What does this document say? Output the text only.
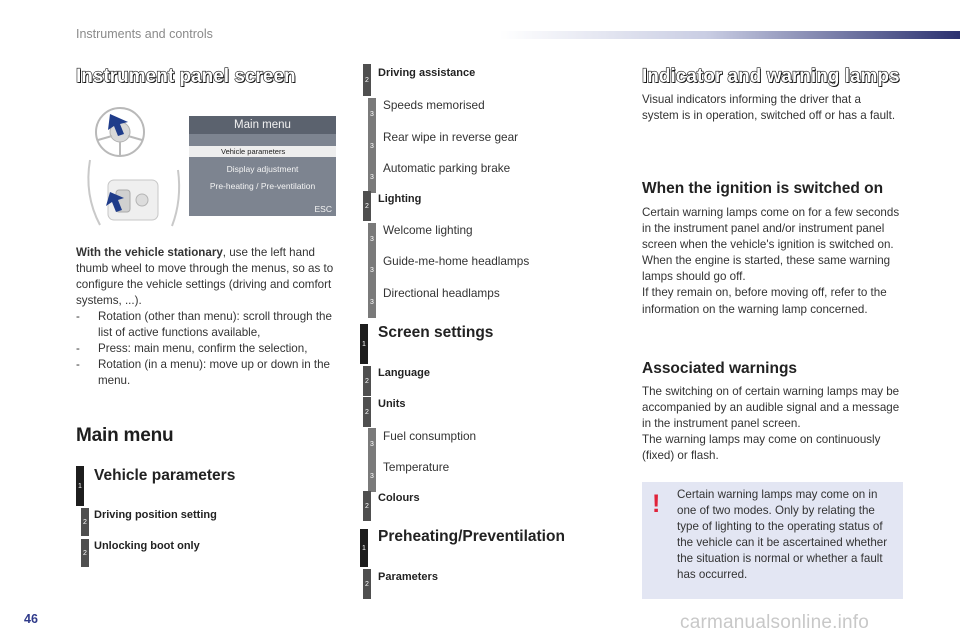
Instruments and controls
Instrument panel screen
Main menu
Vehicle parameters
Display adjustment
Pre-heating / Pre-ventilation
ESC
With the vehicle stationary, use the left hand thumb wheel to move through the menus, so as to configure the vehicle settings (driving and comfort systems, ...).
- Rotation (other than menu): scroll through the list of active functions available,
- Press: main menu, confirm the selection,
- Rotation (in a menu): move up or down in the menu.
Main menu
1
Vehicle parameters
2
Driving position setting
2
Unlocking boot only
2
Driving assistance
3
Speeds memorised
3
Rear wipe in reverse gear
3
Automatic parking brake
2
Lighting
3
Welcome lighting
3
Guide-me-home headlamps
3
Directional headlamps
1
Screen settings
2
Language
2
Units
3
Fuel consumption
3
Temperature
2
Colours
1
Preheating/Preventilation
2
Parameters
Indicator and warning lamps
Visual indicators informing the driver that a system is in operation, switched off or has a fault.
When the ignition is switched on
Certain warning lamps come on for a few seconds in the instrument panel and/or instrument panel screen when the vehicle's ignition is switched on.
When the engine is started, these same warning lamps should go off.
If they remain on, before moving off, refer to the information on the warning lamp concerned.
Associated warnings
The switching on of certain warning lamps may be accompanied by an audible signal and a message in the instrument panel screen.
The warning lamps may come on continuously (fixed) or flash.
! Certain warning lamps may come on in one of two modes. Only by relating the type of lighting to the operating status of the vehicle can it be ascertained whether the situation is normal or whether a fault has occurred.
46	carmanualsonline.info
